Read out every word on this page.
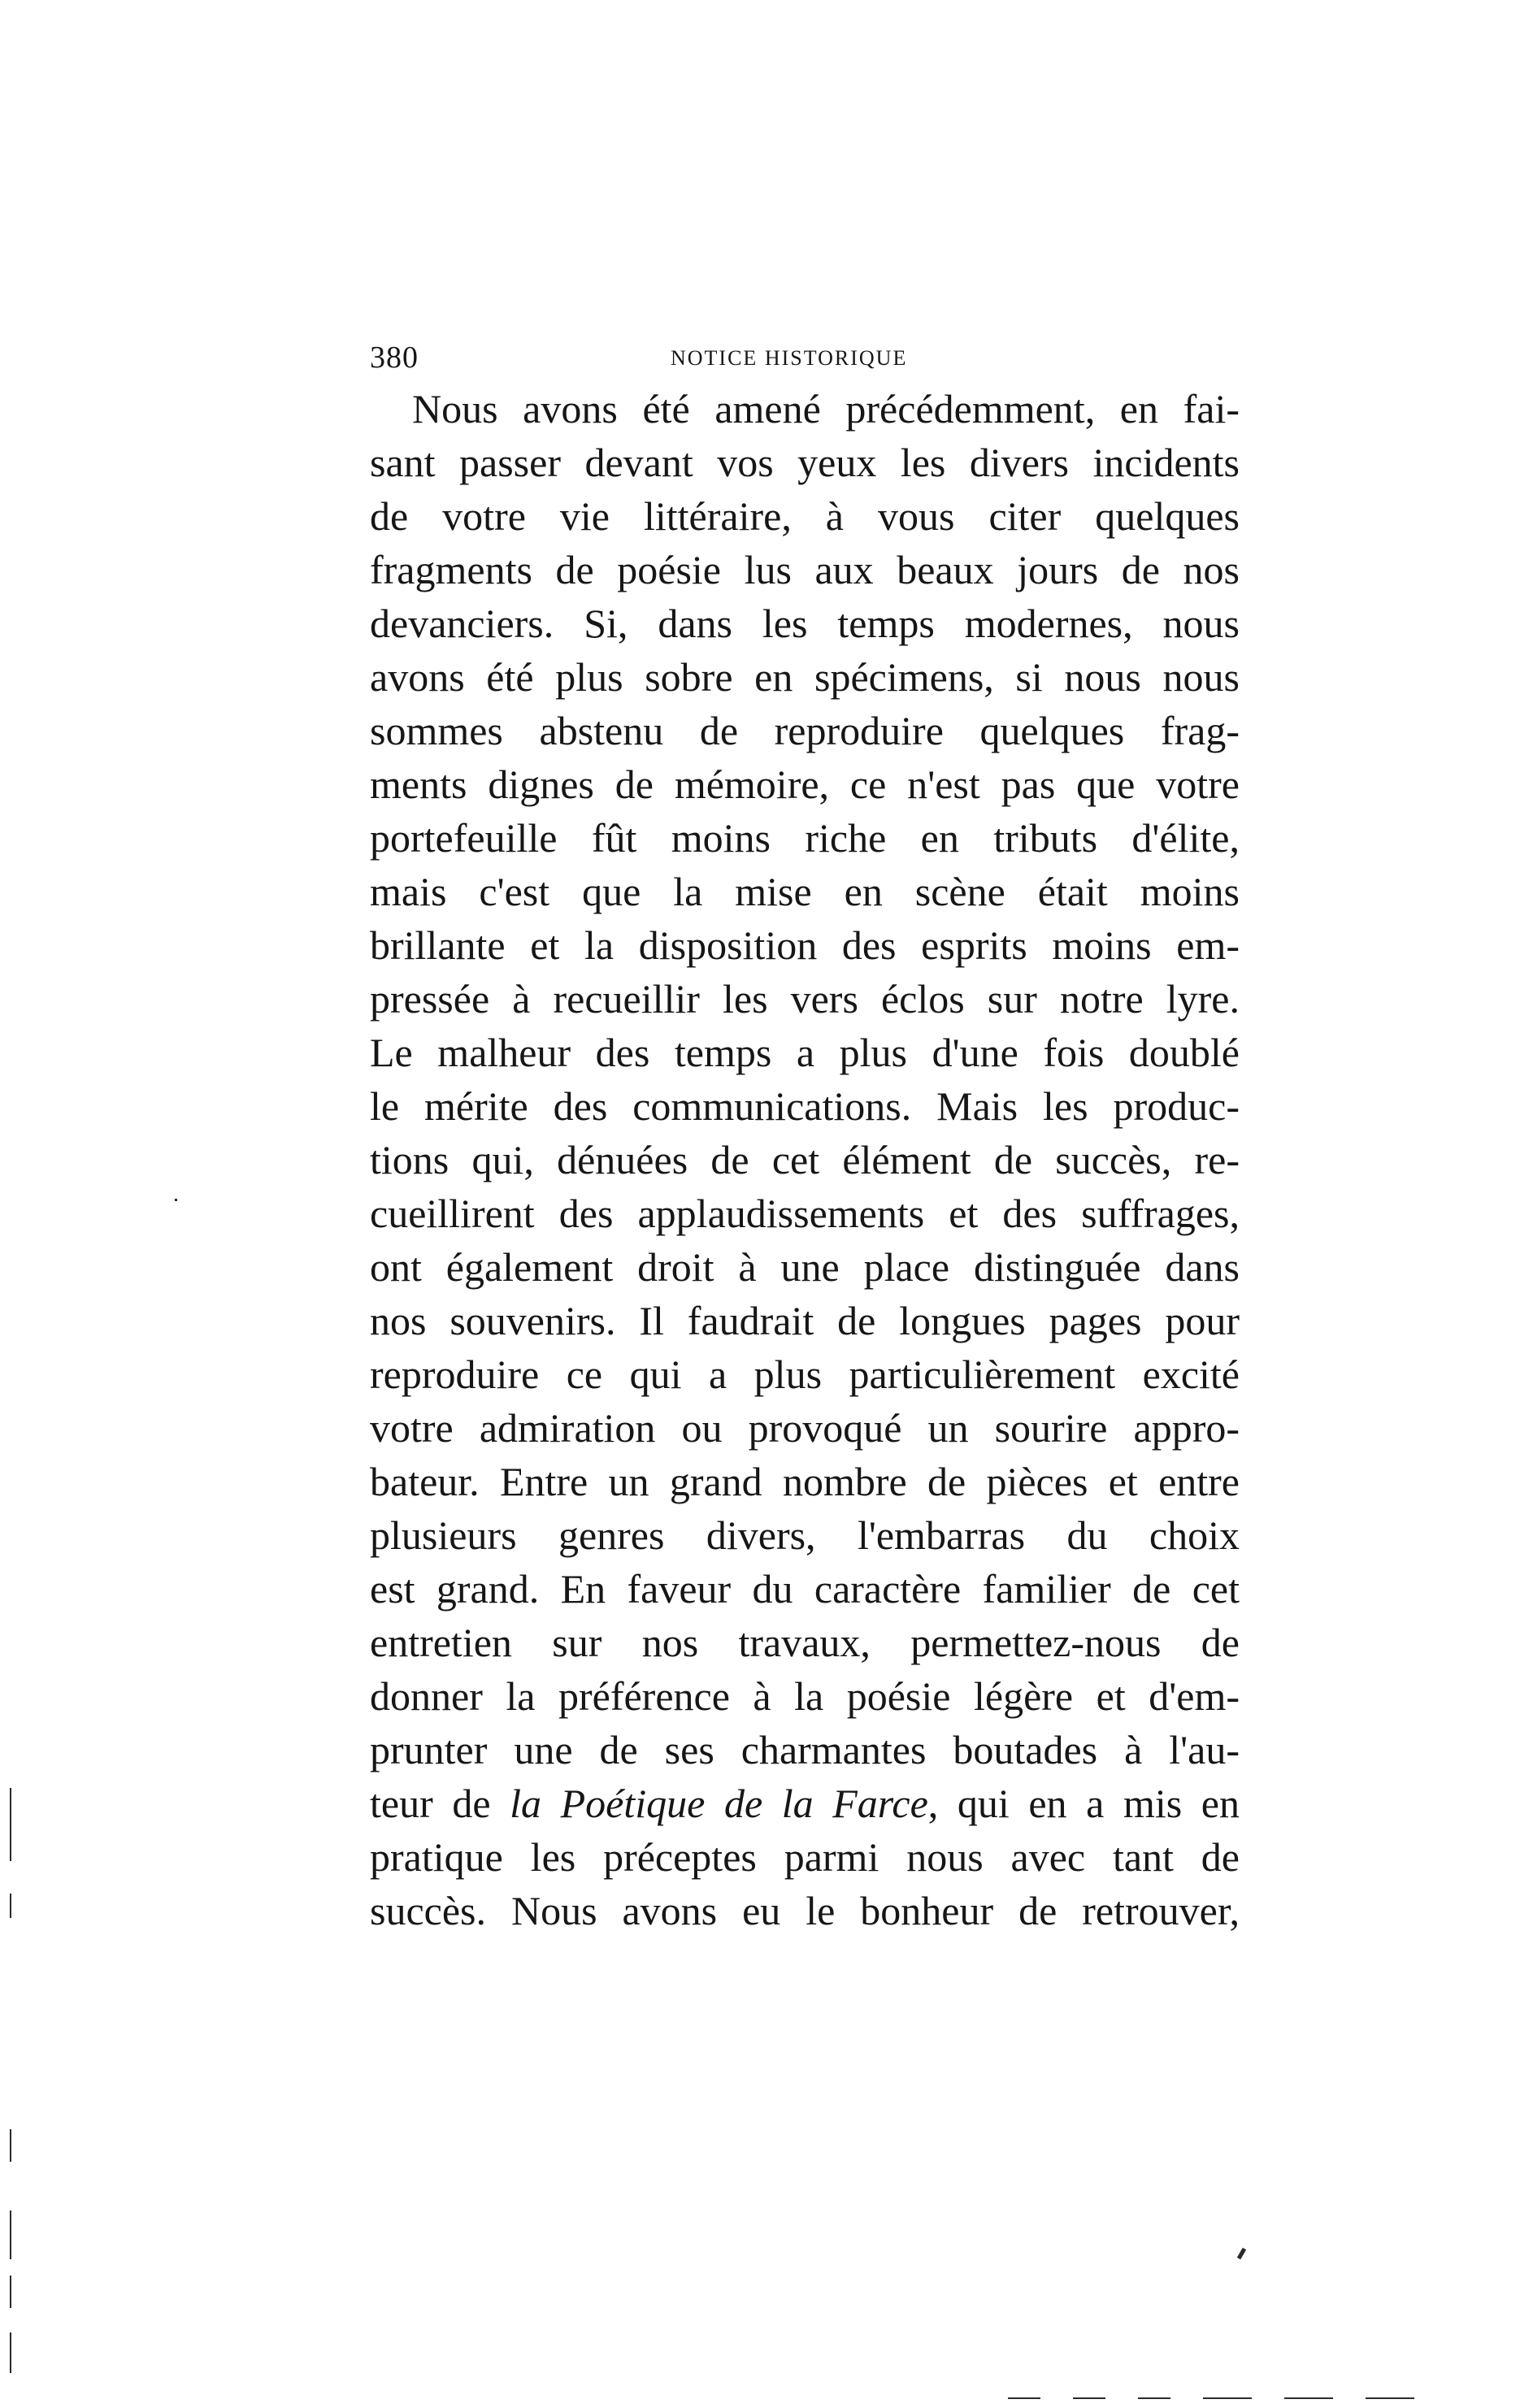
380	NOTICE HISTORIQUE
Nous avons été amené précédemment, en fai-
sant passer devant vos yeux les divers incidents
de votre vie littéraire, à vous citer quelques
fragments de poésie lus aux beaux jours de nos
devanciers. Si, dans les temps modernes, nous
avons été plus sobre en spécimens, si nous nous
sommes abstenu de reproduire quelques frag-
ments dignes de mémoire, ce n'est pas que votre
portefeuille fût moins riche en tributs d'élite,
mais c'est que la mise en scène était moins
brillante et la disposition des esprits moins em-
pressée à recueillir les vers éclos sur notre lyre.
Le malheur des temps a plus d'une fois doublé
le mérite des communications. Mais les produc-
tions qui, dénuées de cet élément de succès, re-
cueillirent des applaudissements et des suffrages,
ont également droit à une place distinguée dans
nos souvenirs. Il faudrait de longues pages pour
reproduire ce qui a plus particulièrement excité
votre admiration ou provoqué un sourire appro-
bateur. Entre un grand nombre de pièces et entre
plusieurs genres divers, l'embarras du choix
est grand. En faveur du caractère familier de cet
entretien sur nos travaux, permettez-nous de
donner la préférence à la poésie légère et d'em-
prunter une de ses charmantes boutades à l'au-
teur de la Poétique de la Farce, qui en a mis en
pratique les préceptes parmi nous avec tant de
succès. Nous avons eu le bonheur de retrouver,
